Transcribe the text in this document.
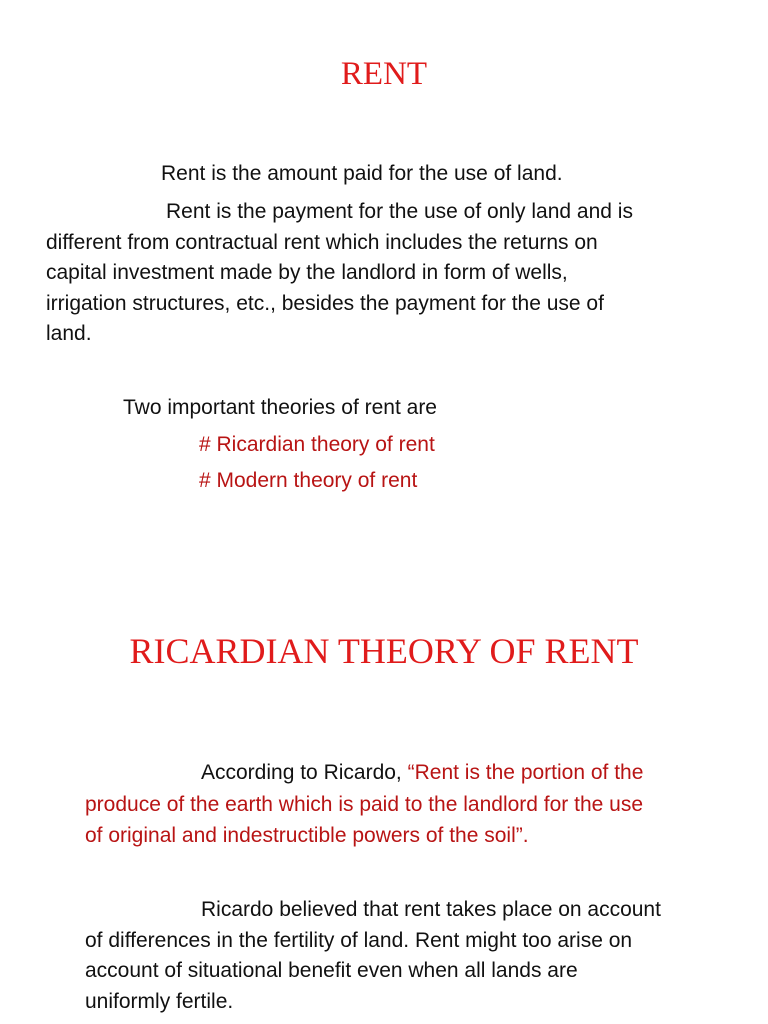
RENT

Rent is the amount paid for the use of land.

Rent is the payment for the use of only land and is

different from contractual rent which includes the returns on

capital investment made by the landlord in form of wells,

irrigation structures, etc., besides the payment for the use of

land.

Two important theories of rent are

# Ricardian theory of rent

# Modern theory of rent

RICARDIAN THEORY OF RENT

According to Ricardo, “Rent is the portion of the

produce of the earth which is paid to the landlord for the use

of original and indestructible powers of the soil”.

Ricardo believed that rent takes place on account

of differences in the fertility of land. Rent might too arise on

account of situational benefit even when all lands are

uniformly fertile.
